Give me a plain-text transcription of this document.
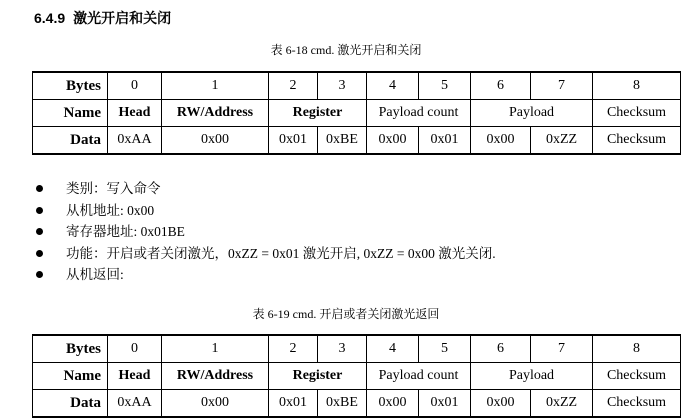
6.4.9 激光开启和关闭
表 6-18 cmd. 激光开启和关闭
Bytes	0	1	2	3	4	5	6	7	8
Name	Head	RW/Address	Register		Payload count		Payload		Checksum
Data	0xAA	0x00	0x01	0xBE	0x00	0x01	0x00	0xZZ	Checksum
类别：写入命令
从机地址: 0x00
寄存器地址: 0x01BE
功能：开启或者关闭激光，0xZZ = 0x01 激光开启, 0xZZ = 0x00 激光关闭.
从机返回:
表 6-19 cmd. 开启或者关闭激光返回
Bytes	0	1	2	3	4	5	6	7	8
Name	Head	RW/Address	Register		Payload count		Payload		Checksum
Data	0xAA	0x00	0x01	0xBE	0x00	0x01	0x00	0xZZ	Checksum
